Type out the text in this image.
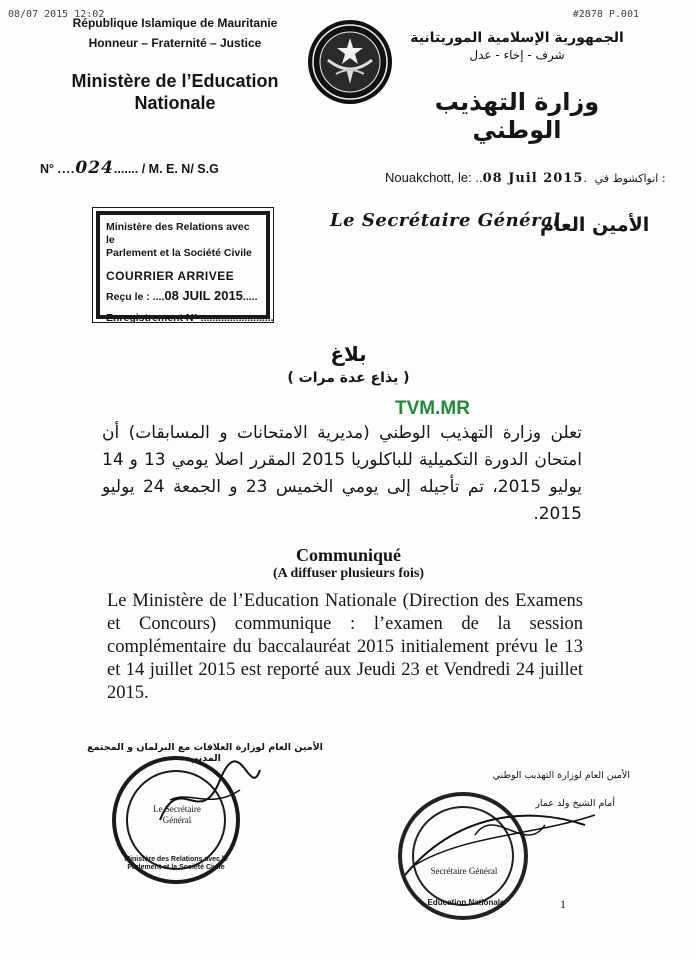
08/07 2015 12:02	#2878 P.001
République Islamique de Mauritanie
Honneur – Fraternité – Justice
Ministère de l’Education
Nationale
N° ....024....... / M. E. N/ S.G
الجمهورية الإسلامية الموريتانية
شرف - إخاء - عدل
وزارة التهذيب الوطني
Nouakchott, le: ..08 Juil 2015. انواكشوط في :
Le Secrétaire Général
الأمين العام
Ministère des Relations avec le
Parlement et la Société Civile
COURRIER ARRIVEE
Reçu le : ....08 JUIL 2015.....
Enregistrement N° .........................
بلاغ
( يذاع عدة مرات )
TVM.MR
تعلن وزارة التهذيب الوطني (مديرية الامتحانات و المسابقات) أن امتحان الدورة التكميلية للباكلوريا 2015 المقرر اصلا يومي 13 و 14 يوليو 2015، تم تأجيله إلى يومي الخميس 23 و الجمعة 24 يوليو 2015.
Communiqué
(A diffuser plusieurs fois)
Le Ministère de l’Education Nationale (Direction des Examens et Concours) communique : l’examen de la session complémentaire du baccalauréat 2015 initialement prévu le 13 et 14 juillet 2015 est reporté aux Jeudi 23 et Vendredi 24 juillet 2015.
الأمين العام لوزارة العلاقات مع البرلمان و المجتمع المدني
Ministère des Relations avec le Parlement et la Société Civile
Le Secrétaire Général
الأمين العام لوزارة التهذيب الوطني
أمام الشيخ ولد عمار
Education Nationale
Secrétaire Général
1
